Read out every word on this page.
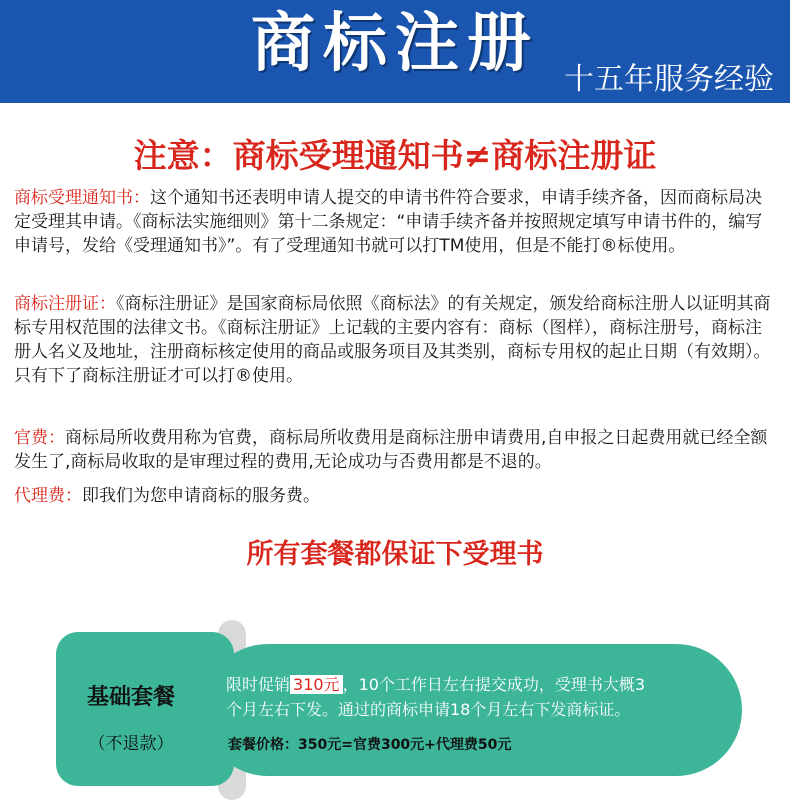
商标注册 十五年服务经验
注意：商标受理通知书≠商标注册证

商标受理通知书：这个通知书还表明申请人提交的申请书件符合要求，申请手续齐备，因而商标局决定受理其申请。《商标法实施细则》第十二条规定：“申请手续齐备并按照规定填写申请书件的，编写申请号，发给《受理通知书》”。有了受理通知书就可以打TM使用，但是不能打®标使用。

商标注册证：《商标注册证》是国家商标局依照《商标法》的有关规定，颁发给商标注册人以证明其商标专用权范围的法律文书。《商标注册证》上记载的主要内容有：商标（图样），商标注册号，商标注册人名义及地址，注册商标核定使用的商品或服务项目及其类别，商标专用权的起止日期（有效期）。只有下了商标注册证才可以打®使用。

官费：商标局所收费用称为官费，商标局所收费用是商标注册申请费用,自申报之日起费用就已经全额发生了,商标局收取的是审理过程的费用,无论成功与否费用都是不退的。

代理费：即我们为您申请商标的服务费。

所有套餐都保证下受理书
基础套餐
（不退款）
限时促销 310元 ，10个工作日左右提交成功，受理书大概3
个月左右下发。通过的商标申请18个月左右下发商标证。
套餐价格：350元=官费300元+代理费50元
